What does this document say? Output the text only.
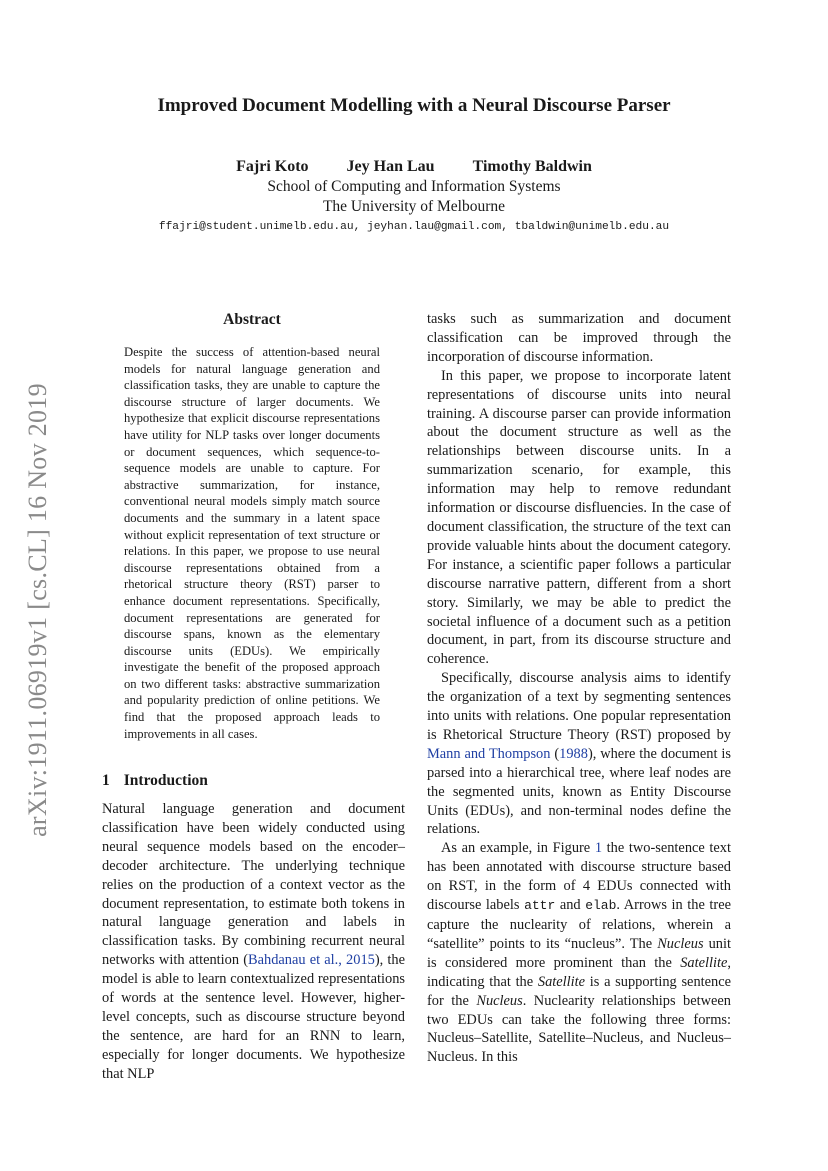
arXiv:1911.06919v1 [cs.CL] 16 Nov 2019
Improved Document Modelling with a Neural Discourse Parser
Fajri Koto Jey Han Lau Timothy Baldwin
School of Computing and Information Systems
The University of Melbourne
ffajri@student.unimelb.edu.au, jeyhan.lau@gmail.com, tbaldwin@unimelb.edu.au
Abstract

Despite the success of attention-based neural models for natural language generation and classification tasks, they are unable to capture the discourse structure of larger documents. We hypothesize that explicit discourse representations have utility for NLP tasks over longer documents or document sequences, which sequence-to-sequence models are unable to capture. For abstractive summarization, for instance, conventional neural models simply match source documents and the summary in a latent space without explicit representation of text structure or relations. In this paper, we propose to use neural discourse representations obtained from a rhetorical structure theory (RST) parser to enhance document representations. Specifically, document representations are generated for discourse spans, known as the elementary discourse units (EDUs). We empirically investigate the benefit of the proposed approach on two different tasks: abstractive summarization and popularity prediction of online petitions. We find that the proposed approach leads to improvements in all cases.

1 Introduction

Natural language generation and document classification have been widely conducted using neural sequence models based on the encoder–decoder architecture. The underlying technique relies on the production of a context vector as the document representation, to estimate both tokens in natural language generation and labels in classification tasks. By combining recurrent neural networks with attention (Bahdanau et al., 2015), the model is able to learn contextualized representations of words at the sentence level. However, higher-level concepts, such as discourse structure beyond the sentence, are hard for an RNN to learn, especially for longer documents. We hypothesize that NLP

tasks such as summarization and document classification can be improved through the incorporation of discourse information.

In this paper, we propose to incorporate latent representations of discourse units into neural training. A discourse parser can provide information about the document structure as well as the relationships between discourse units. In a summarization scenario, for example, this information may help to remove redundant information or discourse disfluencies. In the case of document classification, the structure of the text can provide valuable hints about the document category. For instance, a scientific paper follows a particular discourse narrative pattern, different from a short story. Similarly, we may be able to predict the societal influence of a document such as a petition document, in part, from its discourse structure and coherence.

Specifically, discourse analysis aims to identify the organization of a text by segmenting sentences into units with relations. One popular representation is Rhetorical Structure Theory (RST) proposed by Mann and Thompson (1988), where the document is parsed into a hierarchical tree, where leaf nodes are the segmented units, known as Entity Discourse Units (EDUs), and non-terminal nodes define the relations.

As an example, in Figure 1 the two-sentence text has been annotated with discourse structure based on RST, in the form of 4 EDUs connected with discourse labels attr and elab. Arrows in the tree capture the nuclearity of relations, wherein a “satellite” points to its “nucleus”. The Nucleus unit is considered more prominent than the Satellite, indicating that the Satellite is a supporting sentence for the Nucleus. Nuclearity relationships between two EDUs can take the following three forms: Nucleus–Satellite, Satellite–Nucleus, and Nucleus–Nucleus. In this
